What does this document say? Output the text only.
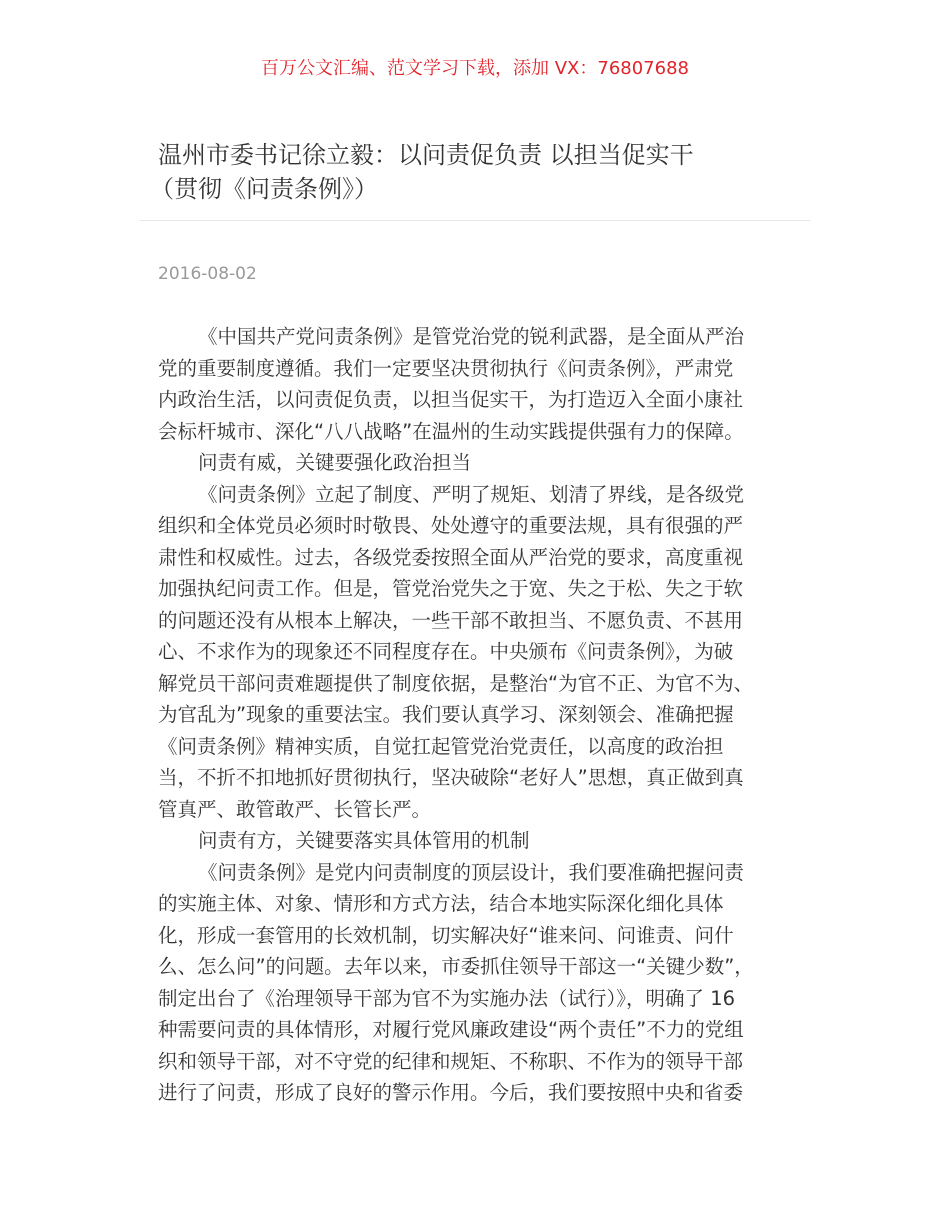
百万公文汇编、范文学习下载，添加 VX：76807688
温州市委书记徐立毅：以问责促负责 以担当促实干
（贯彻《问责条例》）
2016-08-02
《中国共产党问责条例》是管党治党的锐利武器，是全面从严治
党的重要制度遵循。我们一定要坚决贯彻执行《问责条例》，严肃党
内政治生活，以问责促负责，以担当促实干，为打造迈入全面小康社
会标杆城市、深化“八八战略”在温州的生动实践提供强有力的保障。
问责有威，关键要强化政治担当
《问责条例》立起了制度、严明了规矩、划清了界线，是各级党
组织和全体党员必须时时敬畏、处处遵守的重要法规，具有很强的严
肃性和权威性。过去，各级党委按照全面从严治党的要求，高度重视
加强执纪问责工作。但是，管党治党失之于宽、失之于松、失之于软
的问题还没有从根本上解决，一些干部不敢担当、不愿负责、不甚用
心、不求作为的现象还不同程度存在。中央颁布《问责条例》，为破
解党员干部问责难题提供了制度依据，是整治“为官不正、为官不为、
为官乱为”现象的重要法宝。我们要认真学习、深刻领会、准确把握
《问责条例》精神实质，自觉扛起管党治党责任，以高度的政治担
当，不折不扣地抓好贯彻执行，坚决破除“老好人”思想，真正做到真
管真严、敢管敢严、长管长严。
问责有方，关键要落实具体管用的机制
《问责条例》是党内问责制度的顶层设计，我们要准确把握问责
的实施主体、对象、情形和方式方法，结合本地实际深化细化具体
化，形成一套管用的长效机制，切实解决好“谁来问、问谁责、问什
么、怎么问”的问题。去年以来，市委抓住领导干部这一“关键少数”，
制定出台了《治理领导干部为官不为实施办法（试行）》，明确了 16
种需要问责的具体情形，对履行党风廉政建设“两个责任”不力的党组
织和领导干部，对不守党的纪律和规矩、不称职、不作为的领导干部
进行了问责，形成了良好的警示作用。今后，我们要按照中央和省委
